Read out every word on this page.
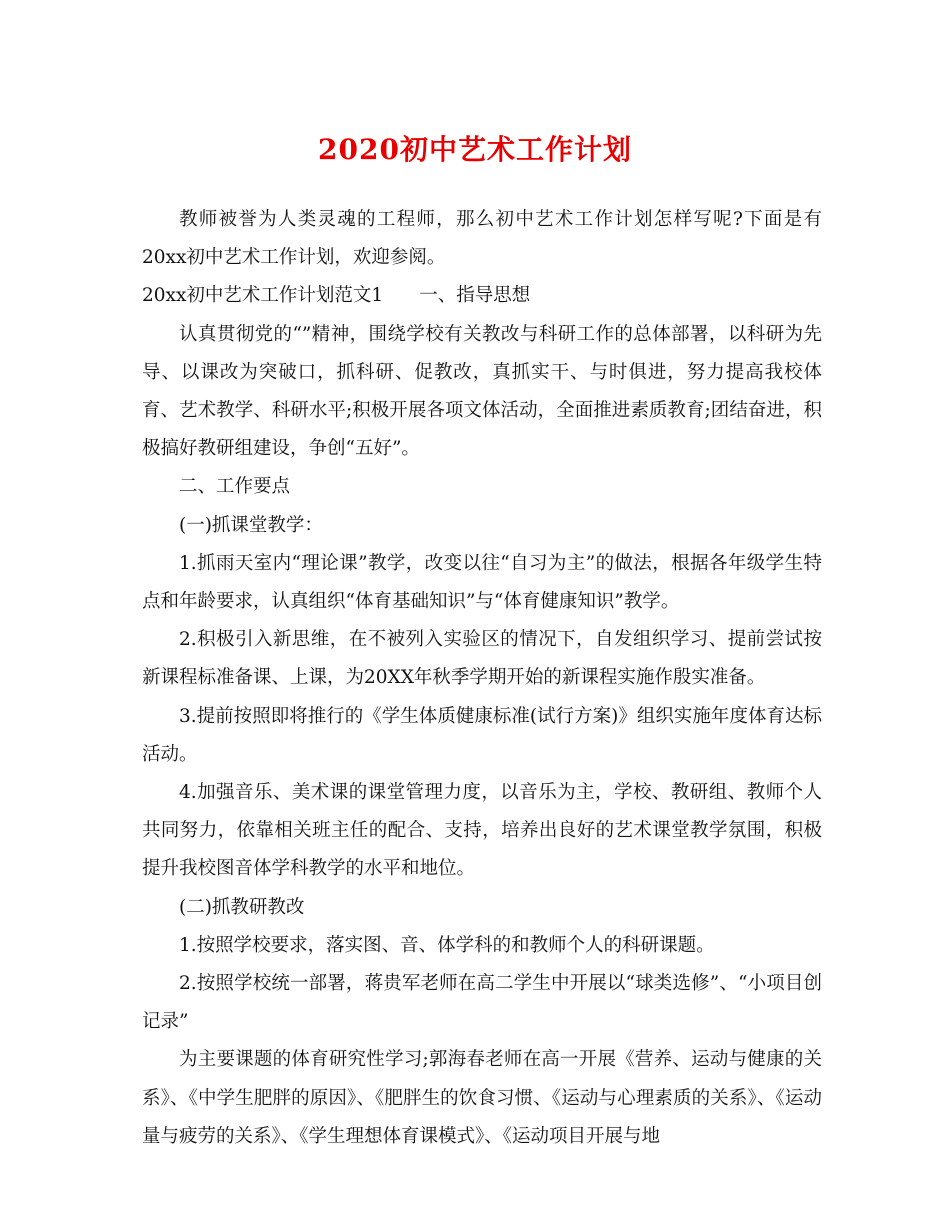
2020初中艺术工作计划

教师被誉为人类灵魂的工程师，那么初中艺术工作计划怎样写呢?下面是有20xx初中艺术工作计划，欢迎参阅。

20xx初中艺术工作计划范文1 一、指导思想

认真贯彻党的“”精神，围绕学校有关教改与科研工作的总体部署，以科研为先导、以课改为突破口，抓科研、促教改，真抓实干、与时俱进，努力提高我校体育、艺术教学、科研水平;积极开展各项文体活动，全面推进素质教育;团结奋进，积极搞好教研组建设，争创“五好”。

二、工作要点

(一)抓课堂教学：

1.抓雨天室内“理论课”教学，改变以往“自习为主”的做法，根据各年级学生特点和年龄要求，认真组织“体育基础知识”与“体育健康知识”教学。

2.积极引入新思维，在不被列入实验区的情况下，自发组织学习、提前尝试按新课程标准备课、上课，为20XX年秋季学期开始的新课程实施作殷实准备。

3.提前按照即将推行的《学生体质健康标准(试行方案)》组织实施年度体育达标活动。

4.加强音乐、美术课的课堂管理力度，以音乐为主，学校、教研组、教师个人共同努力，依靠相关班主任的配合、支持，培养出良好的艺术课堂教学氛围，积极提升我校图音体学科教学的水平和地位。

(二)抓教研教改

1.按照学校要求，落实图、音、体学科的和教师个人的科研课题。

2.按照学校统一部署，蒋贵军老师在高二学生中开展以“球类选修”、“小项目创记录”

为主要课题的体育研究性学习;郭海春老师在高一开展《营养、运动与健康的关系》、《中学生肥胖的原因》、《肥胖生的饮食习惯、《运动与心理素质的关系》、《运动量与疲劳的关系》、《学生理想体育课模式》、《运动项目开展与地
